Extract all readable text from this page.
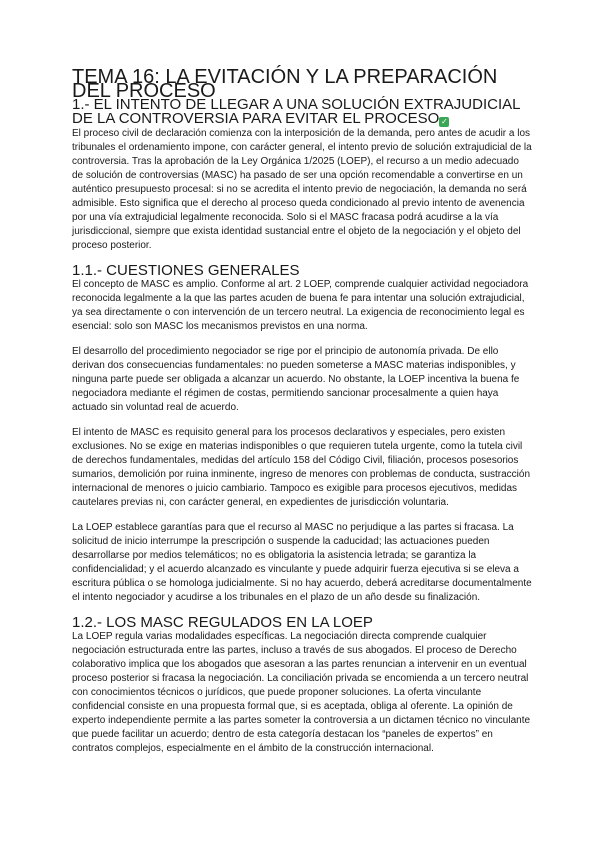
TEMA 16: LA EVITACIÓN Y LA PREPARACIÓN DEL PROCESO
1.- EL INTENTO DE LLEGAR A UNA SOLUCIÓN EXTRAJUDICIAL DE LA CONTROVERSIA PARA EVITAR EL PROCESO ✓

El proceso civil de declaración comienza con la interposición de la demanda, pero antes de acudir a los tribunales el ordenamiento impone, con carácter general, el intento previo de solución extrajudicial de la controversia. Tras la aprobación de la Ley Orgánica 1/2025 (LOEP), el recurso a un medio adecuado de solución de controversias (MASC) ha pasado de ser una opción recomendable a convertirse en un auténtico presupuesto procesal: si no se acredita el intento previo de negociación, la demanda no será admisible. Esto significa que el derecho al proceso queda condicionado al previo intento de avenencia por una vía extrajudicial legalmente reconocida. Solo si el MASC fracasa podrá acudirse a la vía jurisdiccional, siempre que exista identidad sustancial entre el objeto de la negociación y el objeto del proceso posterior.

1.1.- CUESTIONES GENERALES

El concepto de MASC es amplio. Conforme al art. 2 LOEP, comprende cualquier actividad negociadora reconocida legalmente a la que las partes acuden de buena fe para intentar una solución extrajudicial, ya sea directamente o con intervención de un tercero neutral. La exigencia de reconocimiento legal es esencial: solo son MASC los mecanismos previstos en una norma.

El desarrollo del procedimiento negociador se rige por el principio de autonomía privada. De ello derivan dos consecuencias fundamentales: no pueden someterse a MASC materias indisponibles, y ninguna parte puede ser obligada a alcanzar un acuerdo. No obstante, la LOEP incentiva la buena fe negociadora mediante el régimen de costas, permitiendo sancionar procesalmente a quien haya actuado sin voluntad real de acuerdo.

El intento de MASC es requisito general para los procesos declarativos y especiales, pero existen exclusiones. No se exige en materias indisponibles o que requieren tutela urgente, como la tutela civil de derechos fundamentales, medidas del artículo 158 del Código Civil, filiación, procesos posesorios sumarios, demolición por ruina inminente, ingreso de menores con problemas de conducta, sustracción internacional de menores o juicio cambiario. Tampoco es exigible para procesos ejecutivos, medidas cautelares previas ni, con carácter general, en expedientes de jurisdicción voluntaria.

La LOEP establece garantías para que el recurso al MASC no perjudique a las partes si fracasa. La solicitud de inicio interrumpe la prescripción o suspende la caducidad; las actuaciones pueden desarrollarse por medios telemáticos; no es obligatoria la asistencia letrada; se garantiza la confidencialidad; y el acuerdo alcanzado es vinculante y puede adquirir fuerza ejecutiva si se eleva a escritura pública o se homologa judicialmente. Si no hay acuerdo, deberá acreditarse documentalmente el intento negociador y acudirse a los tribunales en el plazo de un año desde su finalización.

1.2.- LOS MASC REGULADOS EN LA LOEP

La LOEP regula varias modalidades específicas. La negociación directa comprende cualquier negociación estructurada entre las partes, incluso a través de sus abogados. El proceso de Derecho colaborativo implica que los abogados que asesoran a las partes renuncian a intervenir en un eventual proceso posterior si fracasa la negociación. La conciliación privada se encomienda a un tercero neutral con conocimientos técnicos o jurídicos, que puede proponer soluciones. La oferta vinculante confidencial consiste en una propuesta formal que, si es aceptada, obliga al oferente. La opinión de experto independiente permite a las partes someter la controversia a un dictamen técnico no vinculante que puede facilitar un acuerdo; dentro de esta categoría destacan los “paneles de expertos” en contratos complejos, especialmente en el ámbito de la construcción internacional.
